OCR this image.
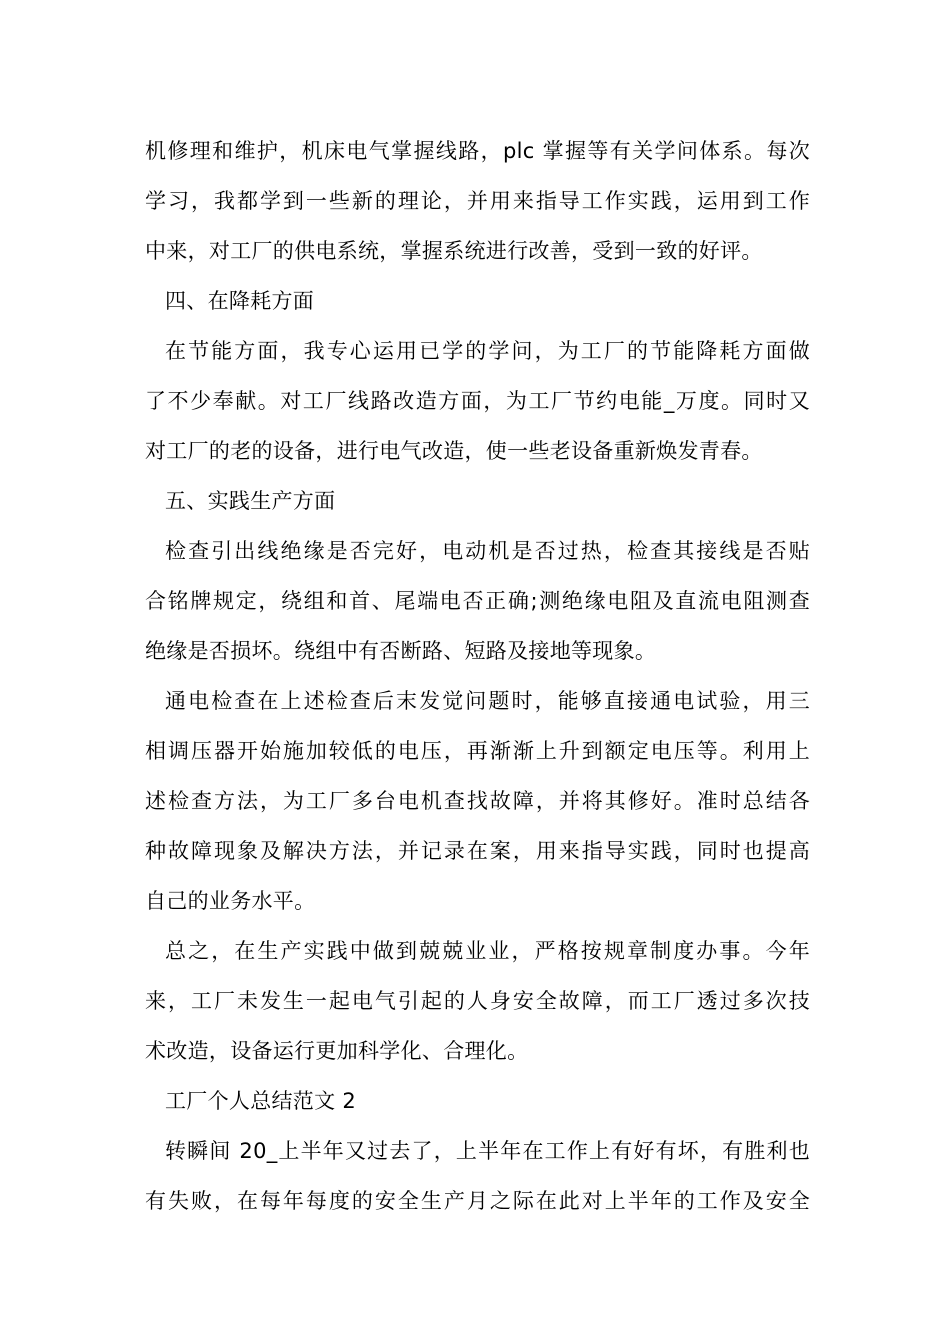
机修理和维护，机床电气掌握线路，plc 掌握等有关学问体系。每次
学习，我都学到一些新的理论，并用来指导工作实践，运用到工作
中来，对工厂的供电系统，掌握系统进行改善，受到一致的好评。
四、在降耗方面
在节能方面，我专心运用已学的学问，为工厂的节能降耗方面做
了不少奉献。对工厂线路改造方面，为工厂节约电能_万度。同时又
对工厂的老的设备，进行电气改造，使一些老设备重新焕发青春。
五、实践生产方面
检查引出线绝缘是否完好，电动机是否过热，检查其接线是否贴
合铭牌规定，绕组和首、尾端电否正确;测绝缘电阻及直流电阻测查
绝缘是否损坏。绕组中有否断路、短路及接地等现象。
通电检查在上述检查后末发觉问题时，能够直接通电试验，用三
相调压器开始施加较低的电压，再渐渐上升到额定电压等。利用上
述检查方法，为工厂多台电机查找故障，并将其修好。准时总结各
种故障现象及解决方法，并记录在案，用来指导实践，同时也提高
自己的业务水平。
总之，在生产实践中做到兢兢业业，严格按规章制度办事。今年
来，工厂未发生一起电气引起的人身安全故障，而工厂透过多次技
术改造，设备运行更加科学化、合理化。
工厂个人总结范文 2
转瞬间 20_上半年又过去了，上半年在工作上有好有坏，有胜利也
有失败，在每年每度的安全生产月之际在此对上半年的工作及安全
